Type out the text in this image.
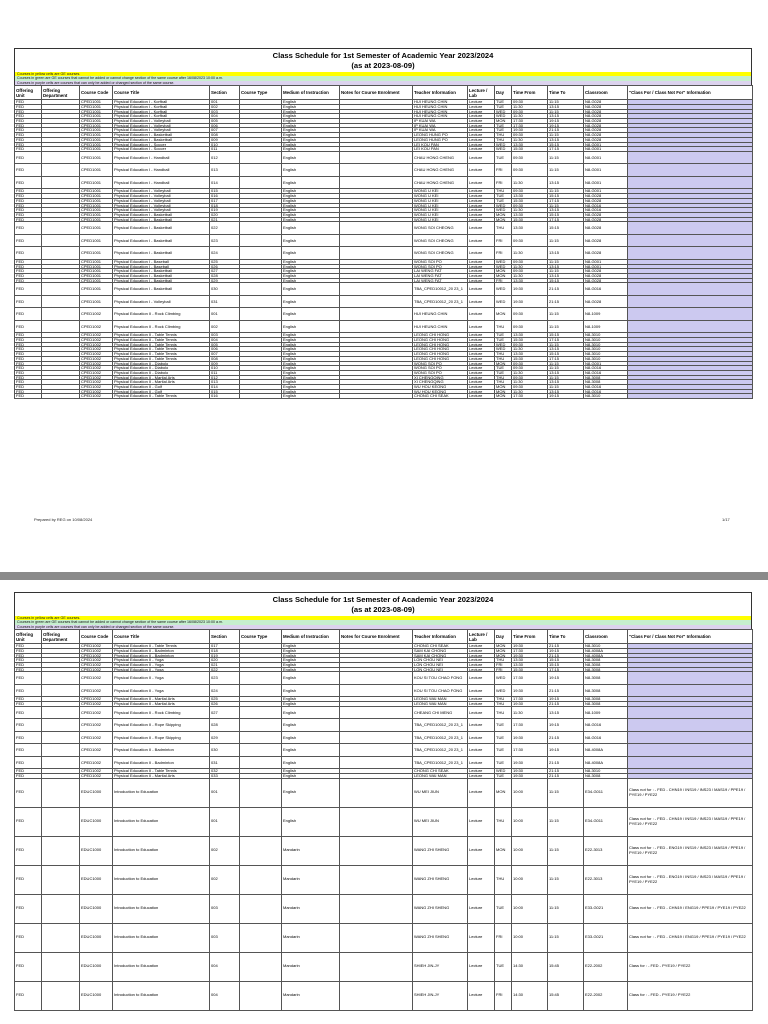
Class Schedule for 1st Semester of Academic Year 2023/2024
(as at 2023-08-09)
Courses in yellow cells are GE courses.
Courses in green are GE courses that cannot be added or cannot change section of the same course after 16/08/2023 10:00 a.m.
Courses in purple cells are courses that can only be added or changed section of the same course.
Offering Unit	Offering Department	Course Code	Course Title	Section	Course Type	Medium of Instruction	Notes for Course Enrolment	Teacher Information	Lecture / Lab	Day	Time From	Time To	Classroom	"Class For / Class Not For" Information
FED		CPED1001	Physical Education I - Korfball	001		English		HUI HEUNG CHIN	Lecture	TUE	09:30	11:15	N8-G028	
FED		CPED1001	Physical Education I - Korfball	002		English		HUI HEUNG CHIN	Lecture	TUE	11:30	13:15	N8-G028	
FED		CPED1001	Physical Education I - Korfball	003		English		HUI HEUNG CHIN	Lecture	WED	09:30	11:15	N8-G028	
FED		CPED1001	Physical Education I - Korfball	004		English		HUI HEUNG CHIN	Lecture	WED	11:30	13:15	N8-G028	
FED		CPED1001	Physical Education I - Volleyball	005		English		IP KUAI WA	Lecture	MON	17:30	19:15	N8-G028	
FED		CPED1001	Physical Education I - Volleyball	006		English		IP KUAI WA	Lecture	TUE	17:30	19:15	N8-G028	
FED		CPED1001	Physical Education I - Volleyball	007		English		IP KUAI WA	Lecture	TUE	19:30	21:15	N8-G028	
FED		CPED1001	Physical Education I - Basketball	008		English		LEONG HUNG PO	Lecture	THU	09:30	11:15	N8-G028	
FED		CPED1001	Physical Education I - Basketball	009		English		LEONG HUNG PO	Lecture	THU	11:30	13:15	N8-G028	
FED		CPED1001	Physical Education I - Soccer	010		English		LEI KOU PAN	Lecture	WED	13:30	15:15	N8-G001	
FED		CPED1001	Physical Education I - Soccer	011		English		LEI KOU PAN	Lecture	WED	15:30	17:15	N8-G001	
FED		CPED1001	Physical Education I - Handball	012		English		CHAU HONG CHENG	Lecture	TUE	09:30	11:15	N8-G001	
FED		CPED1001	Physical Education I - Handball	013		English		CHAU HONG CHENG	Lecture	FRI	09:30	11:15	N8-G001	
FED		CPED1001	Physical Education I - Handball	014		English		CHAU HONG CHENG	Lecture	FRI	11:30	13:15	N8-G001	
FED		CPED1001	Physical Education I - Volleyball	015		English		WONG U KEI	Lecture	THU	09:30	11:15	N8-G001	
FED		CPED1001	Physical Education I - Volleyball	016		English		WONG U KEI	Lecture	TUE	13:30	15:15	N8-G028	
FED		CPED1001	Physical Education I - Volleyball	017		English		WONG U KEI	Lecture	TUE	15:30	17:15	N8-G028	
FED		CPED1001	Physical Education I - Volleyball	018		English		WONG U KEI	Lecture	WED	09:30	11:15	N8-G016	
FED		CPED1001	Physical Education I - Volleyball	019		English		WONG U KEI	Lecture	WED	11:30	13:15	N8-G016	
FED		CPED1001	Physical Education I - Basketball	020		English		WONG U KEI	Lecture	MON	13:30	15:15	N8-G028	
FED		CPED1001	Physical Education I - Basketball	021		English		WONG U KEI	Lecture	MON	15:30	17:15	N8-G028	
FED		CPED1001	Physical Education I - Basketball	022		English		WONG SOI CHEONG	Lecture	THU	13:30	15:15	N8-G028	
FED		CPED1001	Physical Education I - Basketball	023		English		WONG SOI CHEONG	Lecture	FRI	09:30	11:15	N8-G028	
FED		CPED1001	Physical Education I - Basketball	024		English		WONG SOI CHEONG	Lecture	FRI	11:30	13:15	N8-G028	
FED		CPED1001	Physical Education I - Baseball	025		English		WONG SOI PO	Lecture	WED	09:30	11:15	N8-G001	
FED		CPED1001	Physical Education I - Baseball	026		English		WONG SOI PO	Lecture	WED	11:30	13:15	N8-G001	
FED		CPED1001	Physical Education I - Basketball	027		English		LAI WENG FAT	Lecture	MON	09:30	11:15	N8-G028	
FED		CPED1001	Physical Education I - Basketball	028		English		LAI WENG FAT	Lecture	MON	11:30	13:15	N8-G028	
FED		CPED1001	Physical Education I - Basketball	029		English		LAI WENG FAT	Lecture	FRI	13:30	15:15	N8-G028	
FED		CPED1001	Physical Education I - Basketball	030		English		TBA_CPED10012_20 23_1	Lecture	WED	19:30	21:15	N8-G016	
FED		CPED1001	Physical Education I - Volleyball	031		English		TBA_CPED10012_20 23_1	Lecture	WED	19:30	21:15	N8-G028	
FED		CPED1002	Physical Education II - Rock Climbing	001		English		HUI HEUNG CHIN	Lecture	MON	09:30	11:15	N8-1009	
FED		CPED1002	Physical Education II - Rock Climbing	002		English		HUI HEUNG CHIN	Lecture	THU	09:30	11:15	N8-1009	
FED		CPED1002	Physical Education II - Table Tennis	003		English		LEONG CHI HONG	Lecture	TUE	13:30	15:15	N8-3010	
FED		CPED1002	Physical Education II - Table Tennis	004		English		LEONG CHI HONG	Lecture	TUE	15:30	17:15	N8-3010	
FED		CPED1002	Physical Education II - Table Tennis	005		English		LEONG CHI HONG	Lecture	WED	09:30	11:15	N8-3010	
FED		CPED1002	Physical Education II - Table Tennis	006		English		LEONG CHI HONG	Lecture	WED	11:30	13:15	N8-3010	
FED		CPED1002	Physical Education II - Table Tennis	007		English		LEONG CHI HONG	Lecture	THU	13:30	15:15	N8-3010	
FED		CPED1002	Physical Education II - Table Tennis	008		English		LEONG CHI HONG	Lecture	THU	15:30	17:15	N8-3010	
FED		CPED1002	Physical Education II - Diabolo	009		English		WONG SOI PO	Lecture	MON	09:30	11:15	N8-G001	
FED		CPED1002	Physical Education II - Diabolo	010		English		WONG SOI PO	Lecture	TUE	09:30	11:15	N8-G016	
FED		CPED1002	Physical Education II - Diabolo	011		English		WONG SOI PO	Lecture	TUE	11:30	13:15	N8-G016	
FED		CPED1002	Physical Education II - Martial Arts	012		English		XI CHENGQING	Lecture	THU	09:30	11:15	N8-3008	
FED		CPED1002	Physical Education II - Martial Arts	013		English		XI CHENGQING	Lecture	THU	11:30	13:15	N8-3008	
FED		CPED1002	Physical Education II - Golf	014		English		WU HOU KEONG	Lecture	MON	09:30	11:15	N8-G016	
FED		CPED1002	Physical Education II - Golf	015		English		WU HOU KEONG	Lecture	MON	11:30	13:15	N8-G016	
FED		CPED1002	Physical Education II - Table Tennis	016		English		CHONG CHI SEAK	Lecture	MON	17:30	19:15	N8-3010	
Prepared by REG on 10/08/2024	1/17
Class Schedule for 1st Semester of Academic Year 2023/2024
(as at 2023-08-09)
Courses in yellow cells are GE courses.
Courses in green are GE courses that cannot be added or cannot change section of the same course after 16/08/2023 10:00 a.m.
Courses in purple cells are courses that can only be added or changed section of the same course.
Offering Unit	Offering Department	Course Code	Course Title	Section	Course Type	Medium of Instruction	Notes for Course Enrolment	Teacher Information	Lecture / Lab	Day	Time From	Time To	Classroom	"Class For / Class Not For" Information
FED		CPED1002	Physical Education II - Table Tennis	017		English		CHONG CHI SEAK	Lecture	MON	19:30	21:15	N8-3010	
FED		CPED1002	Physical Education II - Badminton	018		English		SAM KAI CHONG	Lecture	MON	17:30	19:15	N8-4008A	
FED		CPED1002	Physical Education II - Badminton	019		English		SAM KAI CHONG	Lecture	MON	19:30	21:15	N8-4008A	
FED		CPED1002	Physical Education II - Yoga	020		English		LON CHOU NEI	Lecture	THU	13:30	15:15	N8-3008	
FED		CPED1002	Physical Education II - Yoga	021		English		LON CHOU NEI	Lecture	FRI	13:30	15:15	N8-3008	
FED		CPED1002	Physical Education II - Yoga	022		English		LON CHOU NEI	Lecture	FRI	15:30	17:15	N8-3008	
FED		CPED1002	Physical Education II - Yoga	023		English		KOU SI TOU CHAO FONG	Lecture	WED	17:30	19:15	N8-3008	
FED		CPED1002	Physical Education II - Yoga	024		English		KOU SI TOU CHAO FONG	Lecture	WED	19:30	21:15	N8-3008	
FED		CPED1002	Physical Education II - Martial Arts	025		English		LEONG WAI MAN	Lecture	THU	17:30	19:15	N8-3008	
FED		CPED1002	Physical Education II - Martial Arts	026		English		LEONG WAI MAN	Lecture	THU	19:30	21:15	N8-3008	
FED		CPED1002	Physical Education II - Rock Climbing	027		English		CHEANG CHI MENG	Lecture	THU	11:30	13:15	N8-1009	
FED		CPED1002	Physical Education II - Rope Skipping	028		English		TBA_CPED10012_20 23_1	Lecture	TUE	17:30	19:15	N8-G016	
FED		CPED1002	Physical Education II - Rope Skipping	029		English		TBA_CPED10012_20 23_1	Lecture	TUE	19:30	21:15	N8-G016	
FED		CPED1002	Physical Education II - Badminton	030		English		TBA_CPED10012_20 23_1	Lecture	TUE	17:30	19:15	N8-4008A	
FED		CPED1002	Physical Education II - Badminton	031		English		TBA_CPED10012_20 23_1	Lecture	TUE	19:30	21:15	N8-4008A	
FED		CPED1002	Physical Education II - Table Tennis	032		English		CHONG CHI SEAK	Lecture	WED	19:30	21:15	N8-3010	
FED		CPED1002	Physical Education II - Martial Arts	033		English		LEONG WAI MAN	Lecture	TUE	19:30	21:15	N8-3008	
FED		EDUC1000	Introduction to Education	001		English		WU MEI JIUN	Lecture	MON	10:00	11:15	E34-G011	Class not for : - FED - CHN19 / INS19 / INS23 / MAS19 / PPE19 / PYE19 / PYE22
FED		EDUC1000	Introduction to Education	001		English		WU MEI JIUN	Lecture	THU	10:00	11:15	E34-G011	Class not for : - FED - CHN19 / INS19 / INS23 / MAS19 / PPE19 / PYE19 / PYE22
FED		EDUC1000	Introduction to Education	002		Mandarin		WANG ZHI SHENG	Lecture	MON	10:00	11:15	E22-3013	Class not for : - FED - ENG19 / INS19 / INS23 / MAS19 / PPE19 / PYE19 / PYE22
FED		EDUC1000	Introduction to Education	002		Mandarin		WANG ZHI SHENG	Lecture	THU	10:00	11:15	E22-3013	Class not for : - FED - ENG19 / INS19 / INS23 / MAS19 / PPE19 / PYE19 / PYE22
FED		EDUC1000	Introduction to Education	003		Mandarin		WANG ZHI SHENG	Lecture	TUE	10:00	11:15	E33-G021	Class not for : - FED - CHN19 / ENG19 / PPE19 / PYE19 / PYE22
FED		EDUC1000	Introduction to Education	003		Mandarin		WANG ZHI SHENG	Lecture	FRI	10:00	11:15	E33-G021	Class not for : - FED - CHN19 / ENG19 / PPE19 / PYE19 / PYE22
FED		EDUC1000	Introduction to Education	004		Mandarin		SHIEH JIN-JY	Lecture	TUE	14:30	15:45	E22-2002	Class for : - FED - PYE19 / PYE22
FED		EDUC1000	Introduction to Education	004		Mandarin		SHIEH JIN-JY	Lecture	FRI	14:30	15:45	E22-2002	Class for : - FED - PYE19 / PYE22
